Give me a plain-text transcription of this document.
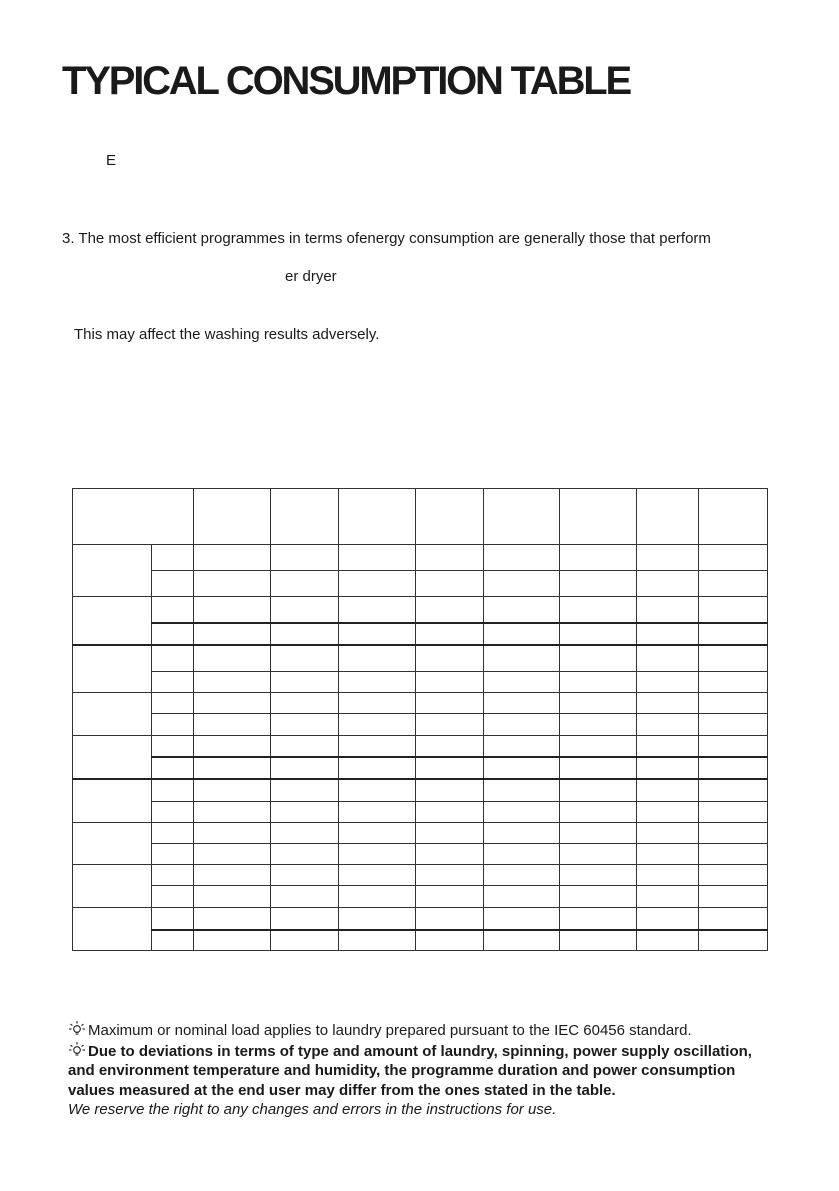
TYPICAL CONSUMPTION TABLE
E
3. The most efficient programmes in terms ofenergy consumption are generally those that perform
er dryer
This may affect the washing results adversely.

Maximum or nominal load applies to laundry prepared pursuant to the IEC 60456 standard.

Due to deviations in terms of type and amount of laundry, spinning, power supply oscillation, and environment temperature and humidity, the programme duration and power consumption values measured at the end user may differ from the ones stated in the table.

We reserve the right to any changes and errors in the instructions for use.
